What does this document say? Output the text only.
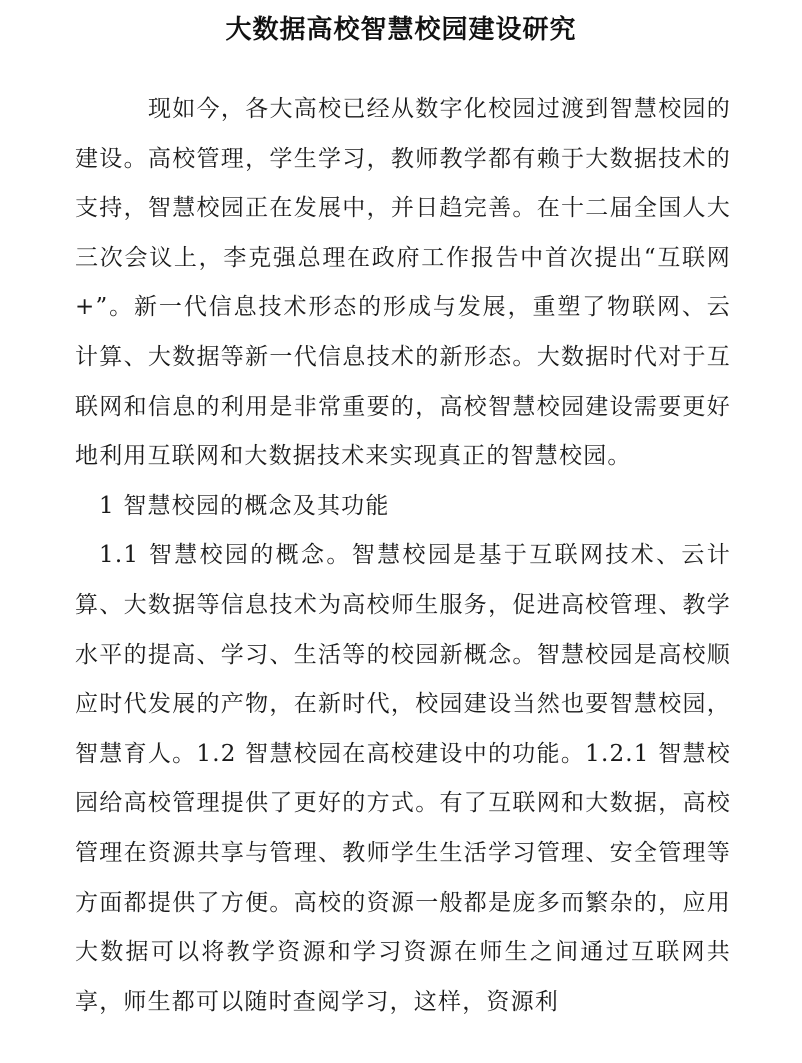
大数据高校智慧校园建设研究

现如今，各大高校已经从数字化校园过渡到智慧校园的建设。高校管理，学生学习，教师教学都有赖于大数据技术的支持，智慧校园正在发展中，并日趋完善。在十二届全国人大三次会议上，李克强总理在政府工作报告中首次提出“互联网+”。新一代信息技术形态的形成与发展，重塑了物联网、云计算、大数据等新一代信息技术的新形态。大数据时代对于互联网和信息的利用是非常重要的，高校智慧校园建设需要更好地利用互联网和大数据技术来实现真正的智慧校园。

1 智慧校园的概念及其功能

1.1 智慧校园的概念。智慧校园是基于互联网技术、云计算、大数据等信息技术为高校师生服务，促进高校管理、教学水平的提高、学习、生活等的校园新概念。智慧校园是高校顺应时代发展的产物，在新时代，校园建设当然也要智慧校园，智慧育人。1.2 智慧校园在高校建设中的功能。1.2.1 智慧校园给高校管理提供了更好的方式。有了互联网和大数据，高校管理在资源共享与管理、教师学生生活学习管理、安全管理等方面都提供了方便。高校的资源一般都是庞多而繁杂的，应用大数据可以将教学资源和学习资源在师生之间通过互联网共享，师生都可以随时查阅学习，这样，资源利
